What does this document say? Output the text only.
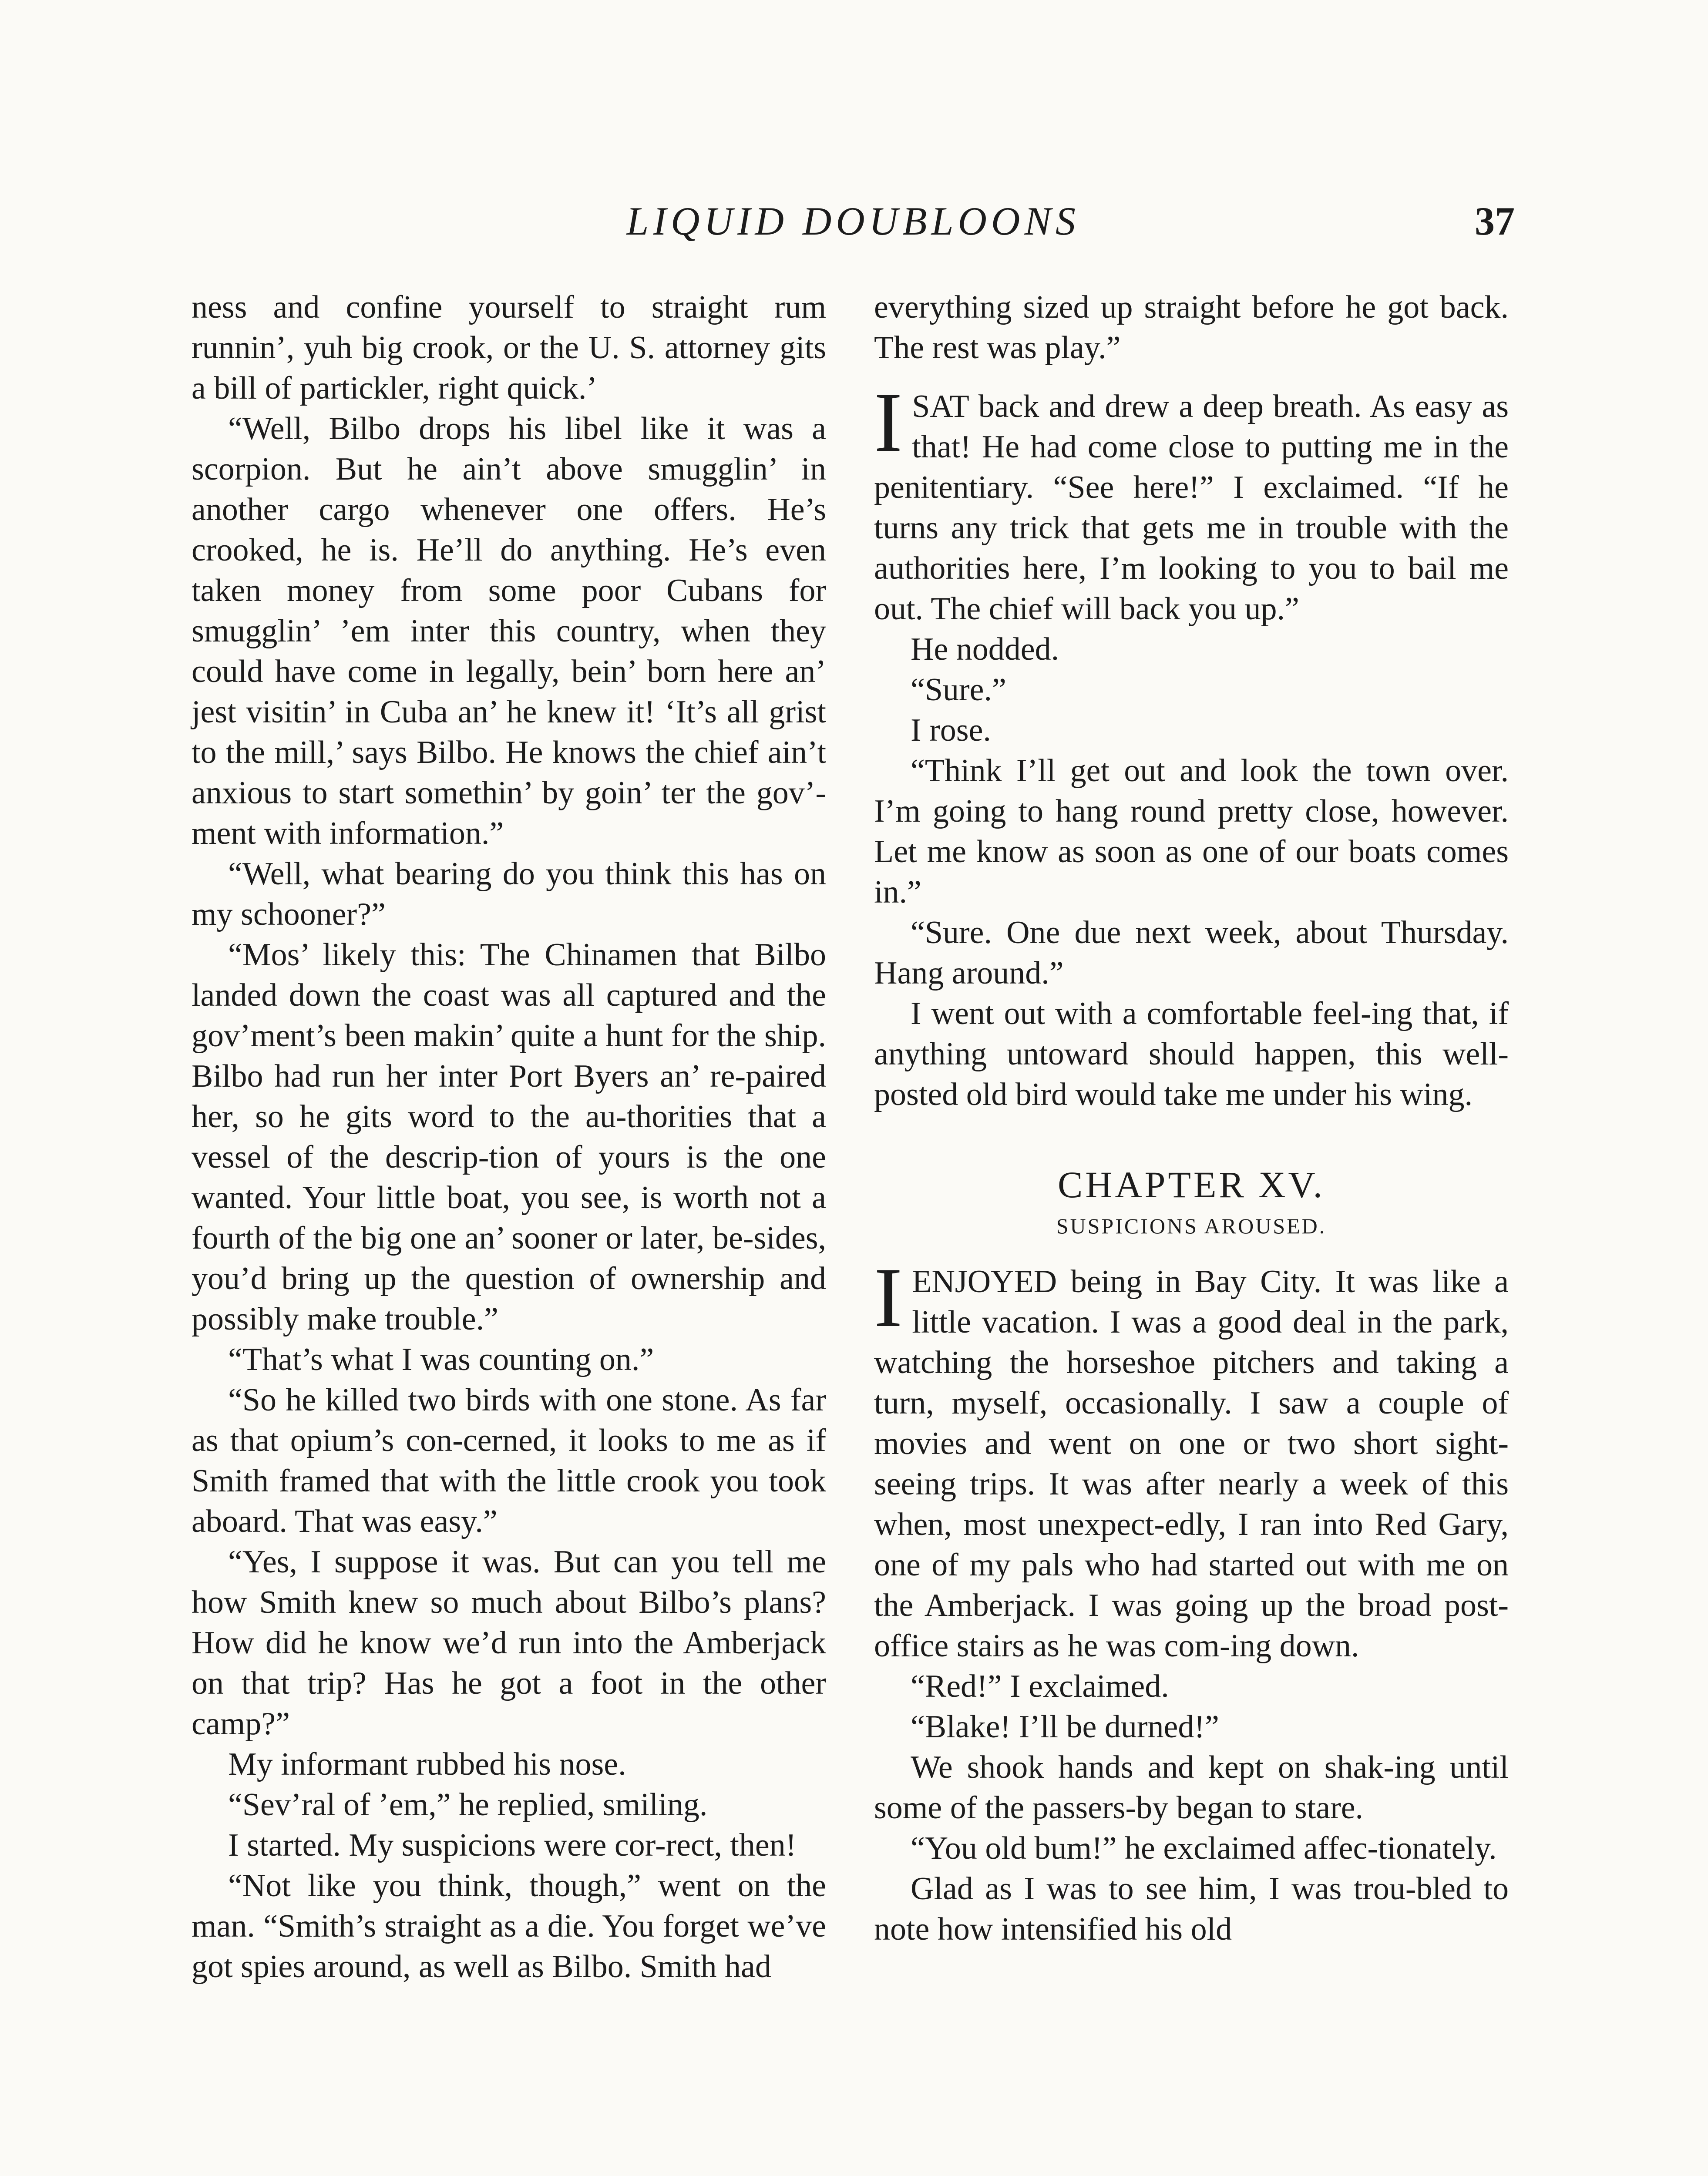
LIQUID DOUBLOONS	37

ness and confine yourself to straight rum runnin’, yuh big crook, or the U. S. attorney gits a bill of partickler, right quick.’

“Well, Bilbo drops his libel like it was a scorpion. But he ain’t above smugglin’ in another cargo whenever one offers. He’s crooked, he is. He’ll do anything. He’s even taken money from some poor Cubans for smugglin’ ’em inter this country, when they could have come in legally, bein’ born here an’ jest visitin’ in Cuba an’ he knew it! ‘It’s all grist to the mill,’ says Bilbo. He knows the chief ain’t anxious to start somethin’ by goin’ ter the gov’-ment with information.”

“Well, what bearing do you think this has on my schooner?”

“Mos’ likely this: The Chinamen that Bilbo landed down the coast was all captured and the gov’ment’s been makin’ quite a hunt for the ship. Bilbo had run her inter Port Byers an’ re-paired her, so he gits word to the au-thorities that a vessel of the descrip-tion of yours is the one wanted. Your little boat, you see, is worth not a fourth of the big one an’ sooner or later, be-sides, you’d bring up the question of ownership and possibly make trouble.”

“That’s what I was counting on.”

“So he killed two birds with one stone. As far as that opium’s con-cerned, it looks to me as if Smith framed that with the little crook you took aboard. That was easy.”

“Yes, I suppose it was. But can you tell me how Smith knew so much about Bilbo’s plans? How did he know we’d run into the Amberjack on that trip? Has he got a foot in the other camp?”

My informant rubbed his nose.

“Sev’ral of ’em,” he replied, smiling.

I started. My suspicions were cor-rect, then!

“Not like you think, though,” went on the man. “Smith’s straight as a die. You forget we’ve got spies around, as well as Bilbo. Smith had

everything sized up straight before he got back. The rest was play.”

ISAT back and drew a deep breath. As easy as that! He had come close to putting me in the penitentiary. “See here!” I exclaimed. “If he turns any trick that gets me in trouble with the authorities here, I’m looking to you to bail me out. The chief will back you up.”

He nodded.

“Sure.”

I rose.

“Think I’ll get out and look the town over. I’m going to hang round pretty close, however. Let me know as soon as one of our boats comes in.”

“Sure. One due next week, about Thursday. Hang around.”

I went out with a comfortable feel-ing that, if anything untoward should happen, this well-posted old bird would take me under his wing.

CHAPTER XV.
SUSPICIONS AROUSED.

IENJOYED being in Bay City. It was like a little vacation. I was a good deal in the park, watching the horseshoe pitchers and taking a turn, myself, occasionally. I saw a couple of movies and went on one or two short sight-seeing trips. It was after nearly a week of this when, most unexpect-edly, I ran into Red Gary, one of my pals who had started out with me on the Amberjack. I was going up the broad post-office stairs as he was com-ing down.

“Red!” I exclaimed.

“Blake! I’ll be durned!”

We shook hands and kept on shak-ing until some of the passers-by began to stare.

“You old bum!” he exclaimed affec-tionately.

Glad as I was to see him, I was trou-bled to note how intensified his old
